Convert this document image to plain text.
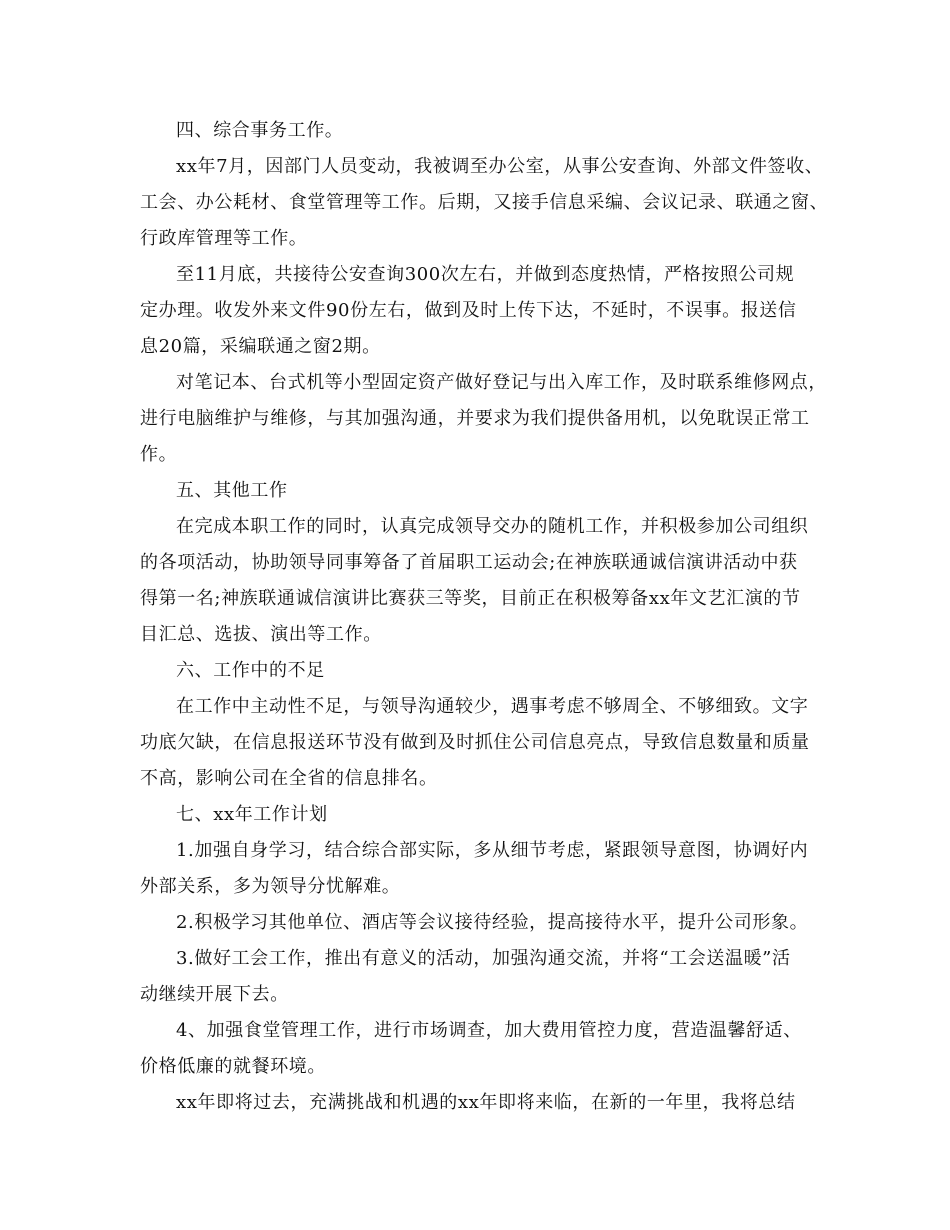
四、综合事务工作。
xx年7月，因部门人员变动，我被调至办公室，从事公安查询、外部文件签收、
工会、办公耗材、食堂管理等工作。后期，又接手信息采编、会议记录、联通之窗、
行政库管理等工作。
至11月底，共接待公安查询300次左右，并做到态度热情，严格按照公司规
定办理。收发外来文件90份左右，做到及时上传下达，不延时，不误事。报送信
息20篇，采编联通之窗2期。
对笔记本、台式机等小型固定资产做好登记与出入库工作，及时联系维修网点，
进行电脑维护与维修，与其加强沟通，并要求为我们提供备用机，以免耽误正常工
作。
五、其他工作
在完成本职工作的同时，认真完成领导交办的随机工作，并积极参加公司组织
的各项活动，协助领导同事筹备了首届职工运动会;在神族联通诚信演讲活动中获
得第一名;神族联通诚信演讲比赛获三等奖，目前正在积极筹备xx年文艺汇演的节
目汇总、选拔、演出等工作。
六、工作中的不足
在工作中主动性不足，与领导沟通较少，遇事考虑不够周全、不够细致。文字
功底欠缺，在信息报送环节没有做到及时抓住公司信息亮点，导致信息数量和质量
不高，影响公司在全省的信息排名。
七、xx年工作计划
1.加强自身学习，结合综合部实际，多从细节考虑，紧跟领导意图，协调好内
外部关系，多为领导分忧解难。
2.积极学习其他单位、酒店等会议接待经验，提高接待水平，提升公司形象。
3.做好工会工作，推出有意义的活动，加强沟通交流，并将“工会送温暖”活
动继续开展下去。
4、加强食堂管理工作，进行市场调查，加大费用管控力度，营造温馨舒适、
价格低廉的就餐环境。
xx年即将过去，充满挑战和机遇的xx年即将来临，在新的一年里，我将总结
